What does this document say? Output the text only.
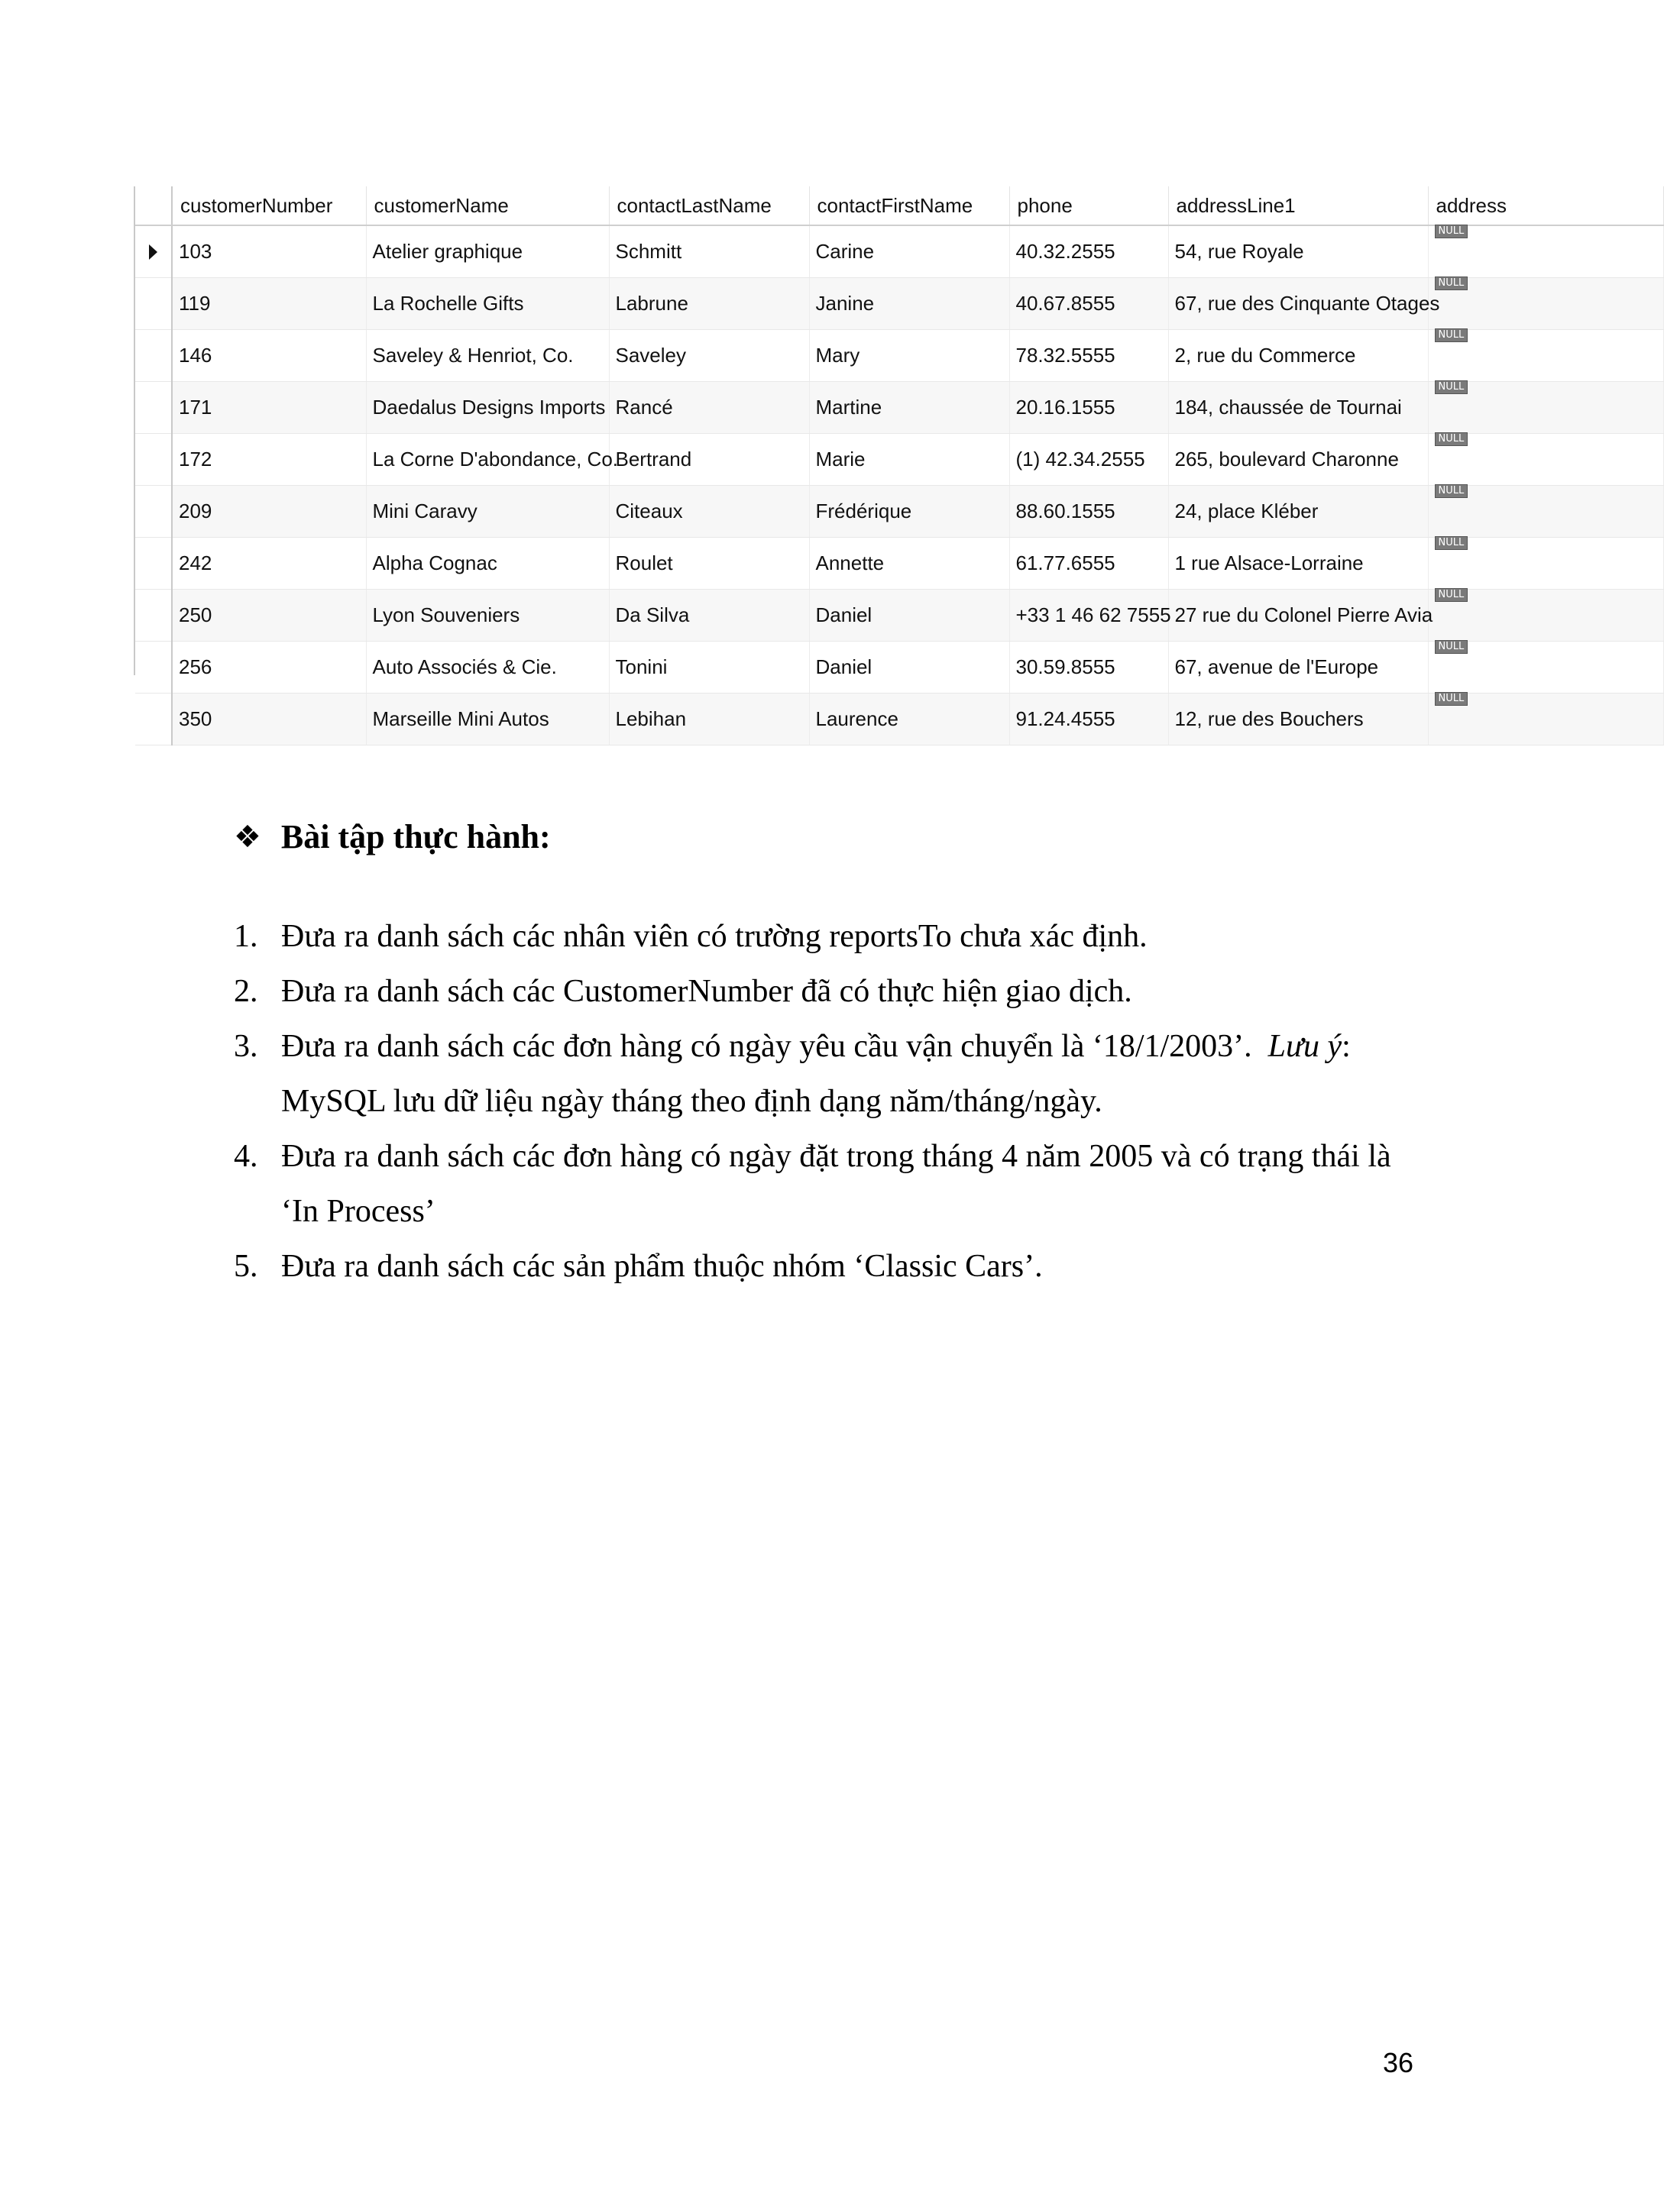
	customerNumber	customerName	contactLastName	contactFirstName	phone	addressLine1	address

	103	Atelier graphique	Schmitt	Carine	40.32.2555	54, rue Royale	NULL
	119	La Rochelle Gifts	Labrune	Janine	40.67.8555	67, rue des Cinquante Otages	NULL
	146	Saveley & Henriot, Co.	Saveley	Mary	78.32.5555	2, rue du Commerce	NULL
	171	Daedalus Designs Imports	Rancé	Martine	20.16.1555	184, chaussée de Tournai	NULL
	172	La Corne D'abondance, Co.	Bertrand	Marie	(1) 42.34.2555	265, boulevard Charonne	NULL
	209	Mini Caravy	Citeaux	Frédérique	88.60.1555	24, place Kléber	NULL
	242	Alpha Cognac	Roulet	Annette	61.77.6555	1 rue Alsace-Lorraine	NULL
	250	Lyon Souveniers	Da Silva	Daniel	+33 1 46 62 7555	27 rue du Colonel Pierre Avia	NULL
	256	Auto Associés & Cie.	Tonini	Daniel	30.59.8555	67, avenue de l'Europe	NULL
	350	Marseille Mini Autos	Lebihan	Laurence	91.24.4555	12, rue des Bouchers	NULL
❖ Bài tập thực hành:
1. Đưa ra danh sách các nhân viên có trường reportsTo chưa xác định.
2. Đưa ra danh sách các CustomerNumber đã có thực hiện giao dịch.
3. Đưa ra danh sách các đơn hàng có ngày yêu cầu vận chuyển là ‘18/1/2003’. Lưu ý: MySQL lưu dữ liệu ngày tháng theo định dạng năm/tháng/ngày.
4. Đưa ra danh sách các đơn hàng có ngày đặt trong tháng 4 năm 2005 và có trạng thái là ‘In Process’
5. Đưa ra danh sách các sản phẩm thuộc nhóm ‘Classic Cars’.
36
